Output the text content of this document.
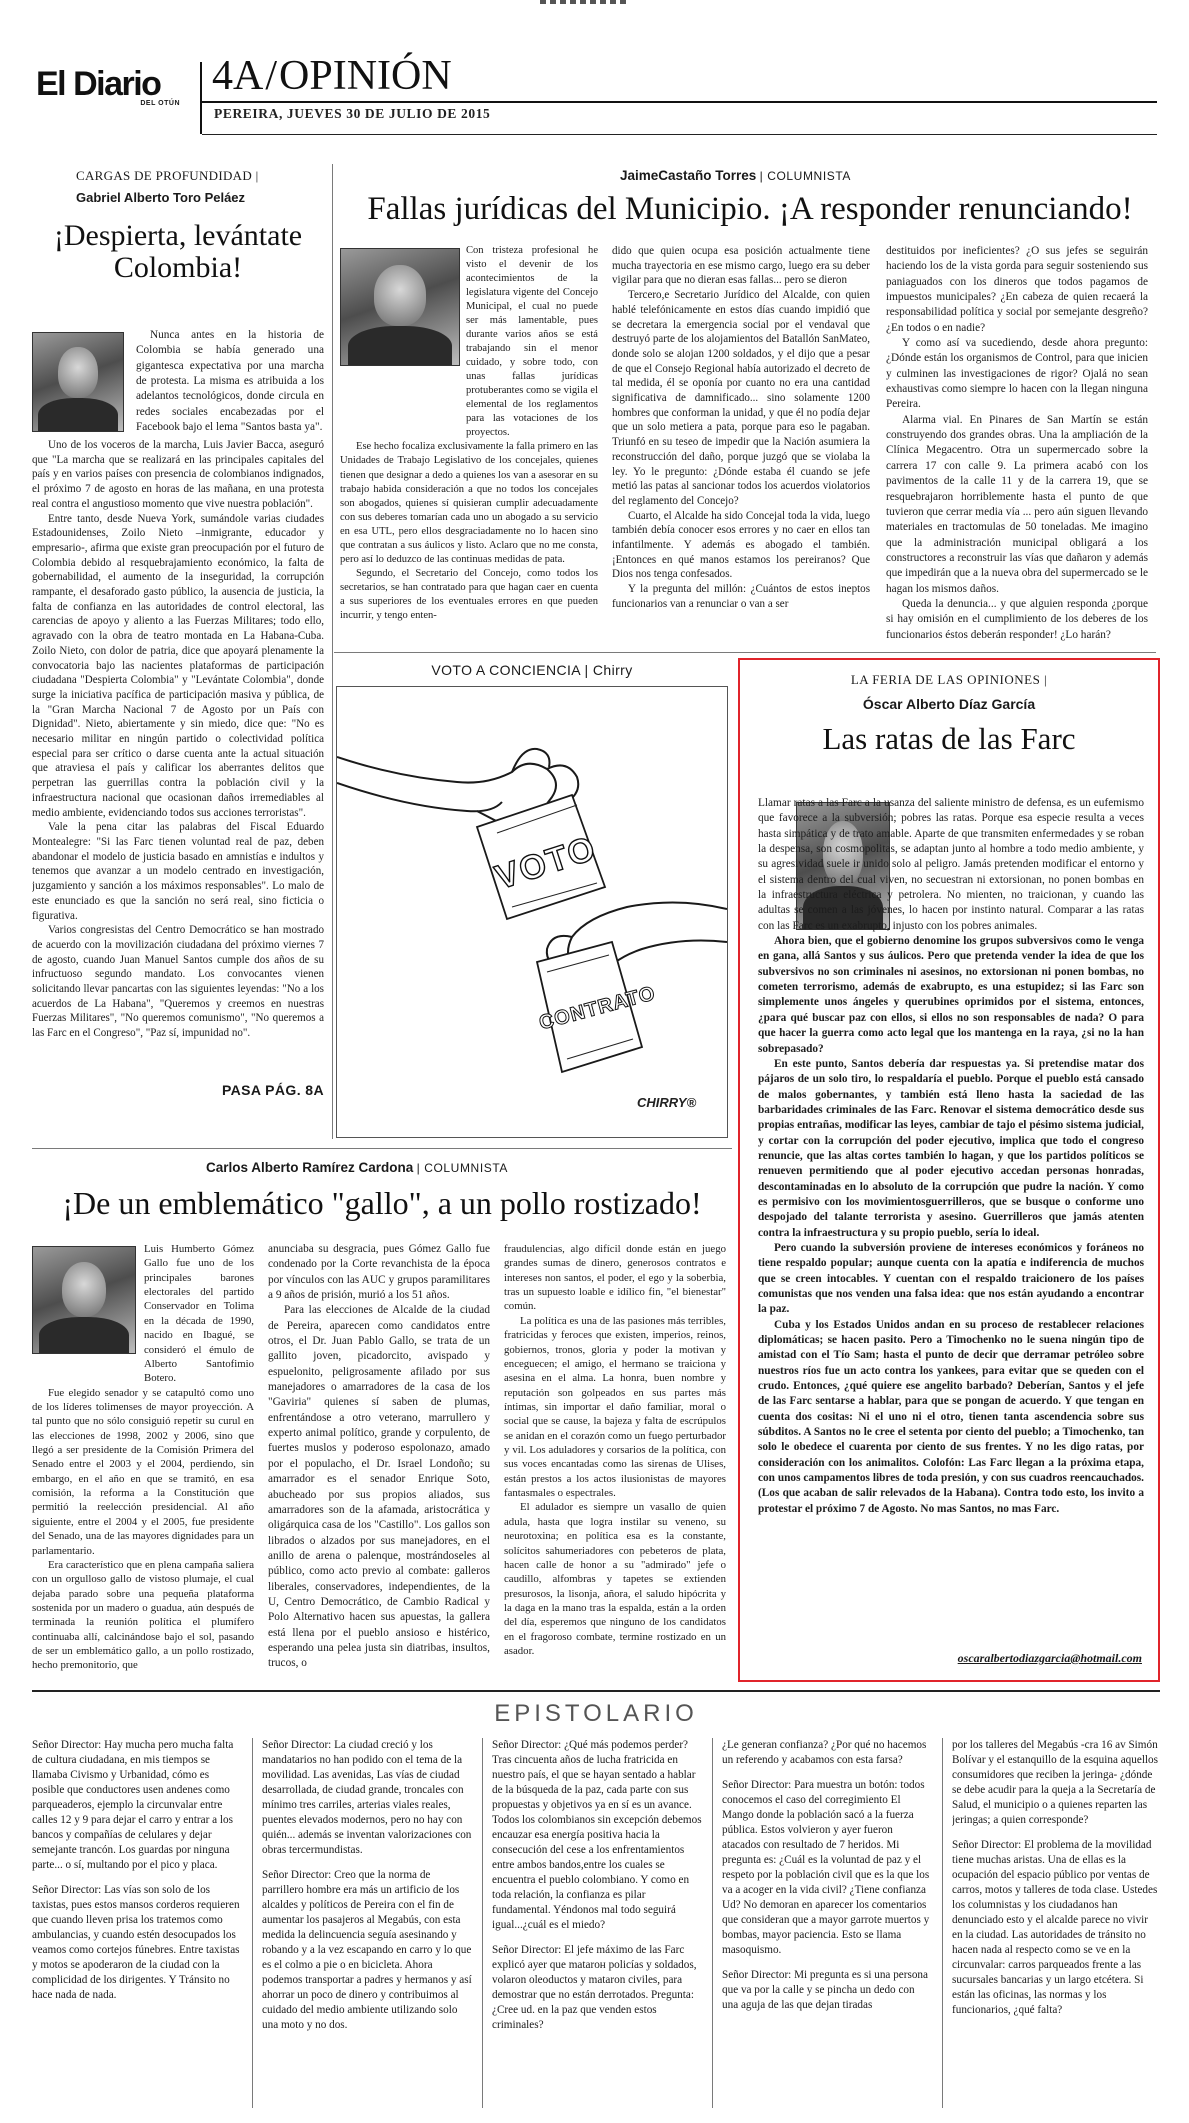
El Diario
DEL OTÚN
4A/OPINIÓN
PEREIRA, JUEVES 30 DE JULIO DE 2015
CARGAS DE PROFUNDIDAD |
Gabriel Alberto Toro Peláez
¡Despierta, levántate Colombia!
Nunca antes en la historia de Colombia se había generado una gigantesca expectativa por una marcha de protesta. La misma es atribuida a los adelantos tecnológicos, donde circula en redes sociales encabezadas por el Facebook bajo el lema "Santos basta ya".

Uno de los voceros de la marcha, Luis Javier Bacca, aseguró que "La marcha que se realizará en las principales capitales del país y en varios países con presencia de colombianos indignados, el próximo 7 de agosto en horas de las mañana, en una protesta real contra el angustioso momento que vive nuestra población".

Entre tanto, desde Nueva York, sumándole varias ciudades Estadounidenses, Zoilo Nieto –inmigrante, educador y empresario-, afirma que existe gran preocupación por el futuro de Colombia debido al resquebrajamiento económico, la falta de gobernabilidad, el aumento de la inseguridad, la corrupción rampante, el desaforado gasto público, la ausencia de justicia, la falta de confianza en las autoridades de control electoral, las carencias de apoyo y aliento a las Fuerzas Militares; todo ello, agravado con la obra de teatro montada en La Habana-Cuba. Zoilo Nieto, con dolor de patria, dice que apoyará plenamente la convocatoria bajo las nacientes plataformas de participación ciudadana "Despierta Colombia" y "Levántate Colombia", donde surge la iniciativa pacífica de participación masiva y pública, de la "Gran Marcha Nacional 7 de Agosto por un País con Dignidad". Nieto, abiertamente y sin miedo, dice que: "No es necesario militar en ningún partido o colectividad política especial para ser crítico o darse cuenta ante la actual situación que atraviesa el país y calificar los aberrantes delitos que perpetran las guerrillas contra la población civil y la infraestructura nacional que ocasionan daños irremediables al medio ambiente, evidenciando todos sus acciones terroristas".

Vale la pena citar las palabras del Fiscal Eduardo Montealegre: "Si las Farc tienen voluntad real de paz, deben abandonar el modelo de justicia basado en amnistías e indultos y tenemos que avanzar a un modelo centrado en investigación, juzgamiento y sanción a los máximos responsables". Lo malo de este enunciado es que la sanción no será real, sino ficticia o figurativa.

Varios congresistas del Centro Democrático se han mostrado de acuerdo con la movilización ciudadana del próximo viernes 7 de agosto, cuando Juan Manuel Santos cumple dos años de su infructuoso segundo mandato. Los convocantes vienen solicitando llevar pancartas con las siguientes leyendas: "No a los acuerdos de La Habana", "Queremos y creemos en nuestras Fuerzas Militares", "No queremos comunismo", "No queremos a las Farc en el Congreso", "Paz sí, impunidad no".

PASA PÁG. 8A
JaimeCastaño Torres | COLUMNISTA
Fallas jurídicas del Municipio. ¡A responder renunciando!

Con tristeza profesional he visto el devenir de los acontecimientos de la legislatura vigente del Concejo Municipal, el cual no puede ser más lamentable, pues durante varios años se está trabajando sin el menor cuidado, y sobre todo, con unas fallas jurídicas protuberantes como se vigila el elemental de los reglamentos para las votaciones de los proyectos.

Ese hecho focaliza exclusivamente la falla primero en las Unidades de Trabajo Legislativo de los concejales, quienes tienen que designar a dedo a quienes los van a asesorar en su trabajo habida consideración a que no todos los concejales son abogados, quienes sí quisieran cumplir adecuadamente con sus deberes tomarían cada uno un abogado a su servicio en esa UTL, pero ellos desgraciadamente no lo hacen sino que contratan a sus áulicos y listo. Aclaro que no me consta, pero así lo deduzco de las continuas medidas de pata.

Segundo, el Secretario del Concejo, como todos los secretarios, se han contratado para que hagan caer en cuenta a sus superiores de los eventuales errores en que pueden incurrir, y tengo enten-

dido que quien ocupa esa posición actualmente tiene mucha trayectoria en ese mismo cargo, luego era su deber vigilar para que no dieran esas fallas... pero se dieron

Tercero,e Secretario Jurídico del Alcalde, con quien hablé telefónicamente en estos días cuando impidió que se decretara la emergencia social por el vendaval que destruyó parte de los alojamientos del Batallón SanMateo, donde solo se alojan 1200 soldados, y el dijo que a pesar de que el Consejo Regional había autorizado el decreto de tal medida, él se oponía por cuanto no era una cantidad significativa de damnificado... sino solamente 1200 hombres que conforman la unidad, y que él no podía dejar que un solo metiera a pata, porque para eso le pagaban. Triunfó en su teseo de impedir que la Nación asumiera la reconstrucción del daño, porque juzgó que se violaba la ley. Yo le pregunto: ¿Dónde estaba él cuando se jefe metió las patas al sancionar todos los acuerdos violatorios del reglamento del Concejo?

Cuarto, el Alcalde ha sido Concejal toda la vida, luego también debía conocer esos errores y no caer en ellos tan infantilmente. Y además es abogado el también. ¡Entonces en qué manos estamos los pereiranos? Que Dios nos tenga confesados.

Y la pregunta del millón: ¿Cuántos de estos ineptos funcionarios van a renunciar o van a ser

destituidos por ineficientes? ¿O sus jefes se seguirán haciendo los de la vista gorda para seguir sosteniendo sus paniaguados con los dineros que todos pagamos de impuestos municipales? ¿En cabeza de quien recaerá la responsabilidad política y social por semejante desgreño? ¿En todos o en nadie?

Y como así va sucediendo, desde ahora pregunto: ¿Dónde están los organismos de Control, para que inicien y culminen las investigaciones de rigor? Ojalá no sean exhaustivas como siempre lo hacen con la llegan ninguna Pereira.

Alarma vial. En Pinares de San Martín se están construyendo dos grandes obras. Una la ampliación de la Clínica Megacentro. Otra un supermercado sobre la carrera 17 con calle 9. La primera acabó con los pavimentos de la calle 11 y de la carrera 19, que se resquebrajaron horriblemente hasta el punto de que tuvieron que cerrar media vía ... pero aún siguen llevando materiales en tractomulas de 50 toneladas. Me imagino que la administración municipal obligará a los constructores a reconstruir las vías que dañaron y además que impedirán que a la nueva obra del supermercado se le hagan los mismos daños.

Queda la denuncia... y que alguien responda ¿porque si hay omisión en el cumplimiento de los deberes de los funcionarios éstos deberán responder! ¿Lo harán?

VOTO A CONCIENCIA | Chirry
VOTO
CONTRATO
CHIRRY®
LA FERIA DE LAS OPINIONES |
Óscar Alberto Díaz García
Las ratas de las Farc

Llamar ratas a las Farc a la usanza del saliente ministro de defensa, es un eufemismo que favorece a la subversión; pobres las ratas. Porque esa especie resulta a veces hasta simpática y de trato amable. Aparte de que transmiten enfermedades y se roban la despensa, son cosmopolitas, se adaptan junto al hombre a todo medio ambiente, y su agresividad suele ir unido solo al peligro. Jamás pretenden modificar el entorno y el sistema dentro del cual viven, no secuestran ni extorsionan, no ponen bombas en la infraestructura eléctrica y petrolera. No mienten, no traicionan, y cuando las adultas se comen a las jóvenes, lo hacen por instinto natural. Comparar a las ratas con las Farc es un exabrupto, injusto con los pobres animales.

Ahora bien, que el gobierno denomine los grupos subversivos como le venga en gana, allá Santos y sus áulicos. Pero que pretenda vender la idea de que los subversivos no son criminales ni asesinos, no extorsionan ni ponen bombas, no cometen terrorismo, además de exabrupto, es una estupidez; si las Farc son simplemente unos ángeles y querubines oprimidos por el sistema, entonces, ¿para qué buscar paz con ellos, si ellos no son responsables de nada? O para que hacer la guerra como acto legal que los mantenga en la raya, ¿si no la han sobrepasado?

En este punto, Santos debería dar respuestas ya. Si pretendise matar dos pájaros de un solo tiro, lo respaldaría el pueblo. Porque el pueblo está cansado de malos gobernantes, y también está lleno hasta la saciedad de las barbaridades criminales de las Farc. Renovar el sistema democrático desde sus propias entrañas, modificar las leyes, cambiar de tajo el pésimo sistema judicial, y cortar con la corrupción del poder ejecutivo, implica que todo el congreso renuncie, que las altas cortes también lo hagan, y que los partidos políticos se renueven permitiendo que al poder ejecutivo accedan personas honradas, descontaminadas en lo absoluto de la corrupción que pudre la nación. Y como es permisivo con los movimientosguerrilleros, que se busque o conforme uno despojado del talante terrorista y asesino. Guerrilleros que jamás atenten contra la infraestructura y su propio pueblo, sería lo ideal.

Pero cuando la subversión proviene de intereses económicos y foráneos no tiene respaldo popular; aunque cuenta con la apatía e indiferencia de muchos que se creen intocables. Y cuentan con el respaldo traicionero de los países comunistas que nos venden una falsa idea: que nos están ayudando a encontrar la paz.

Cuba y los Estados Unidos andan en su proceso de restablecer relaciones diplomáticas; se hacen pasito. Pero a Timochenko no le suena ningún tipo de amistad con el Tío Sam; hasta el punto de decir que derramar petróleo sobre nuestros ríos fue un acto contra los yankees, para evitar que se queden con el crudo. Entonces, ¿qué quiere ese angelito barbado? Deberían, Santos y el jefe de las Farc sentarse a hablar, para que se pongan de acuerdo. Y que tengan en cuenta dos cositas: Ni el uno ni el otro, tienen tanta ascendencia sobre sus súbditos. A Santos no le cree el setenta por ciento del pueblo; a Timochenko, tan solo le obedece el cuarenta por ciento de sus frentes. Y no les digo ratas, por consideración con los animalitos. Colofón: Las Farc llegan a la próxima etapa, con unos campamentos libres de toda presión, y con sus cuadros reencauchados. (Los que acaban de salir relevados de la Habana). Contra todo esto, los invito a protestar el próximo 7 de Agosto. No mas Santos, no mas Farc.

oscaralbertodiazgarcia@hotmail.com
Carlos Alberto Ramírez Cardona | COLUMNISTA
¡De un emblemático "gallo", a un pollo rostizado!

Luis Humberto Gómez Gallo fue uno de los principales barones electorales del partido Conservador en Tolima en la década de 1990, nacido en Ibagué, se consideró el émulo de Alberto Santofimio Botero.

Fue elegido senador y se catapultó como uno de los líderes tolimenses de mayor proyección. A tal punto que no sólo consiguió repetir su curul en las elecciones de 1998, 2002 y 2006, sino que llegó a ser presidente de la Comisión Primera del Senado entre el 2003 y el 2004, perdiendo, sin embargo, en el año en que se tramitó, en esa comisión, la reforma a la Constitución que permitió la reelección presidencial. Al año siguiente, entre el 2004 y el 2005, fue presidente del Senado, una de las mayores dignidades para un parlamentario.

Era característico que en plena campaña saliera con un orgulloso gallo de vistoso plumaje, el cual dejaba parado sobre una pequeña plataforma sostenida por un madero o guadua, aún después de terminada la reunión política el plumífero continuaba allí, calcinándose bajo el sol, pasando de ser un emblemático gallo, a un pollo rostizado, hecho premonitorio, que

anunciaba su desgracia, pues Gómez Gallo fue condenado por la Corte revanchista de la época por vínculos con las AUC y grupos paramilitares a 9 años de prisión, murió a los 51 años.

Para las elecciones de Alcalde de la ciudad de Pereira, aparecen como candidatos entre otros, el Dr. Juan Pablo Gallo, se trata de un gallito joven, picadorcito, avispado y espuelonito, peligrosamente afilado por sus manejadores o amarradores de la casa de los "Gaviria" quienes sí saben de plumas, enfrentándose a otro veterano, marrullero y experto animal político, grande y corpulento, de fuertes muslos y poderoso espolonazo, amado por el populacho, el Dr. Israel Londoño; su amarrador es el senador Enrique Soto, abucheado por sus propios aliados, sus amarradores son de la afamada, aristocrática y oligárquica casa de los "Castillo". Los gallos son librados o alzados por sus manejadores, en el anillo de arena o palenque, mostrándoseles al público, como acto previo al combate: galleros liberales, conservadores, independientes, de la U, Centro Democrático, de Cambio Radical y Polo Alternativo hacen sus apuestas, la gallera está llena por el pueblo ansioso e histérico, esperando una pelea justa sin diatribas, insultos, trucos, o

fraudulencias, algo difícil donde están en juego grandes sumas de dinero, generosos contratos e intereses non santos, el poder, el ego y la soberbia, tras un supuesto loable e idílico fin, "el bienestar" común.

La política es una de las pasiones más terribles, fratricidas y feroces que existen, imperios, reinos, gobiernos, tronos, gloria y poder la motivan y enceguecen; el amigo, el hermano se traiciona y asesina en el alma. La honra, buen nombre y reputación son golpeados en sus partes más íntimas, sin importar el daño familiar, moral o social que se cause, la bajeza y falta de escrúpulos se anidan en el corazón como un fuego perturbador y vil. Los aduladores y corsarios de la política, con sus voces encantadas como las sirenas de Ulises, están prestos a los actos ilusionistas de mayores fantasmales o espectrales.

El adulador es siempre un vasallo de quien adula, hasta que logra instilar su veneno, su neurotoxina; en política esa es la constante, solícitos sahumeriadores con pebeteros de plata, hacen calle de honor a su "admirado" jefe o caudillo, alfombras y tapetes se extienden presurosos, la lisonja, añora, el saludo hipócrita y la daga en la mano tras la espalda, están a la orden del día, esperemos que ninguno de los candidatos en el fragoroso combate, termine rostizado en un asador.

EPISTOLARIO

Señor Director: Hay mucha pero mucha falta de cultura ciudadana, en mis tiempos se llamaba Civismo y Urbanidad, cómo es posible que conductores usen andenes como parqueaderos, ejemplo la circunvalar entre calles 12 y 9 para dejar el carro y entrar a los bancos y compañías de celulares y dejar semejante trancón. Los guardas por ninguna parte... o sí, multando por el pico y placa.

Señor Director: Las vías son solo de los taxistas, pues estos mansos corderos requieren que cuando lleven prisa los tratemos como ambulancias, y cuando estén desocupados los veamos como cortejos fúnebres. Entre taxistas y motos se apoderaron de la ciudad con la complicidad de los dirigentes. Y Tránsito no hace nada de nada.

Señor Director: La ciudad creció y los mandatarios no han podido con el tema de la movilidad. Las avenidas, Las vías de ciudad desarrollada, de ciudad grande, troncales con mínimo tres carriles, arterias viales reales, puentes elevados modernos, pero no hay con quién... además se inventan valorizaciones con obras tercermundistas.

Señor Director: Creo que la norma de parrillero hombre era más un artificio de los alcaldes y políticos de Pereira con el fin de aumentar los pasajeros al Megabús, con esta medida la delincuencia seguía asesinando y robando y a la vez escapando en carro y lo que es el colmo a pie o en bicicleta. Ahora podemos transportar a padres y hermanos y así ahorrar un poco de dinero y contribuimos al cuidado del medio ambiente utilizando solo una moto y no dos.

Señor Director: ¿Qué más podemos perder? Tras cincuenta años de lucha fratricida en nuestro país, el que se hayan sentado a hablar de la búsqueda de la paz, cada parte con sus propuestas y objetivos ya en sí es un avance. Todos los colombianos sin excepción debemos encauzar esa energía positiva hacia la consecución del cese a los enfrentamientos entre ambos bandos,entre los cuales se encuentra el pueblo colombiano. Y como en toda relación, la confianza es pilar fundamental. Yéndonos mal todo seguirá igual...¿cuál es el miedo?

Señor Director: El jefe máximo de las Farc explicó ayer que matarон policías y soldados, volaron oleoductos y mataron civiles, para demostrar que no están derrotados. Pregunta: ¿Cree ud. en la paz que venden estos criminales?

¿Le generan confianza? ¿Por qué no hacemos un referendo y acabamos con esta farsa?

Señor Director: Para muestra un botón: todos conocemos el caso del corregimiento El Mango donde la población sacó a la fuerza pública. Estos volvieron y ayer fueron atacados con resultado de 7 heridos. Mi pregunta es: ¿Cuál es la voluntad de paz y el respeto por la población civil que es la que los va a acoger en la vida civil? ¿Tiene confianza Ud? No demoran en aparecer los comentarios que consideran que a mayor garrote muertos y bombas, mayor paciencia. Esto se llama masoquismo.

Señor Director: Mi pregunta es si una persona que va por la calle y se pincha un dedo con una aguja de las que dejan tiradas

por los talleres del Megabús -cra 16 av Simón Bolívar y el estanquillo de la esquina aquellos consumidores que reciben la jeringa- ¿dónde se debe acudir para la queja a la Secretaría de Salud, el municipio o a quienes reparten las jeringas; a quien corresponde?

Señor Director: El problema de la movilidad tiene muchas aristas. Una de ellas es la ocupación del espacio público por ventas de carros, motos y talleres de toda clase. Ustedes los columnistas y los ciudadanos han denunciado esto y el alcalde parece no vivir en la ciudad. Las autoridades de tránsito no hacen nada al respecto como se ve en la circunvalar: carros parqueados frente a las sucursales bancarias y un largo etcétera. Si están las oficinas, las normas y los funcionarios, ¿qué falta?
